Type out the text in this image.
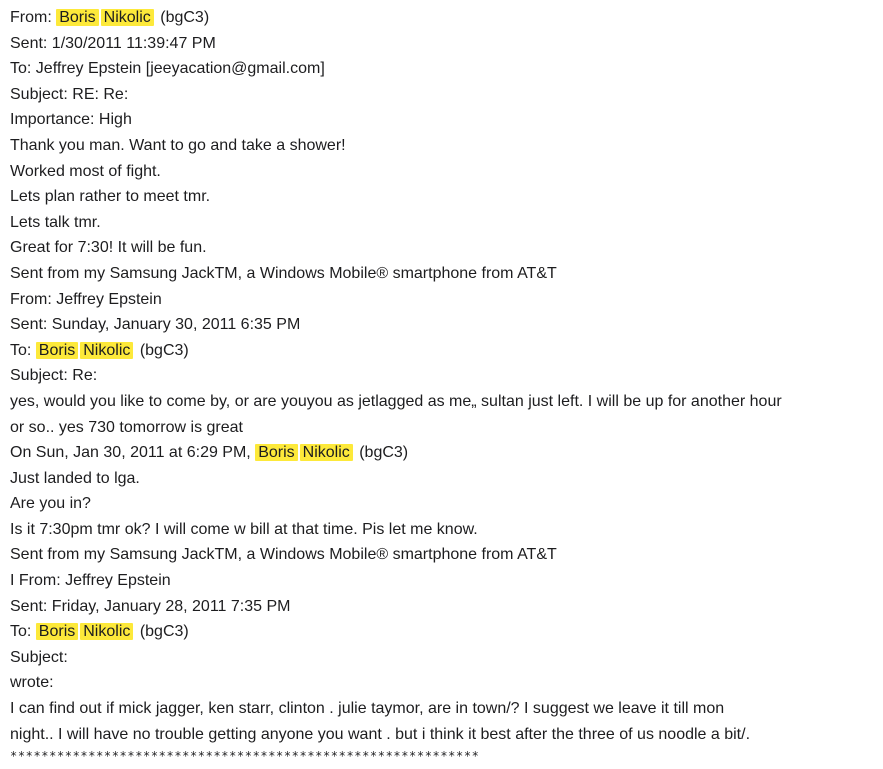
From: Boris Nikolic (bgC3)
Sent: 1/30/2011 11:39:47 PM
To: Jeffrey Epstein [jeeyacation@gmail.com]
Subject: RE: Re:
Importance: High
Thank you man. Want to go and take a shower!
Worked most of fight.
Lets plan rather to meet tmr.
Lets talk tmr.
Great for 7:30! It will be fun.
Sent from my Samsung JackTM, a Windows Mobile® smartphone from AT&T
From: Jeffrey Epstein
Sent: Sunday, January 30, 2011 6:35 PM
To: Boris Nikolic (bgC3)
Subject: Re:
yes, would you like to come by, or are youyou as jetlagged as me„ sultan just left. I will be up for another hour
or so.. yes 730 tomorrow is great
On Sun, Jan 30, 2011 at 6:29 PM, Boris Nikolic (bgC3)
Just landed to lga.
Are you in?
Is it 7:30pm tmr ok? I will come w bill at that time. Pis let me know.
Sent from my Samsung JackTM, a Windows Mobile® smartphone from AT&T
I From: Jeffrey Epstein
Sent: Friday, January 28, 2011 7:35 PM
To: Boris Nikolic (bgC3)
Subject:
wrote:
I can find out if mick jagger, ken starr, clinton . julie taymor, are in town/? I suggest we leave it till mon
night.. I will have no trouble getting anyone you want . but i think it best after the three of us noodle a bit/.
************************************************************
